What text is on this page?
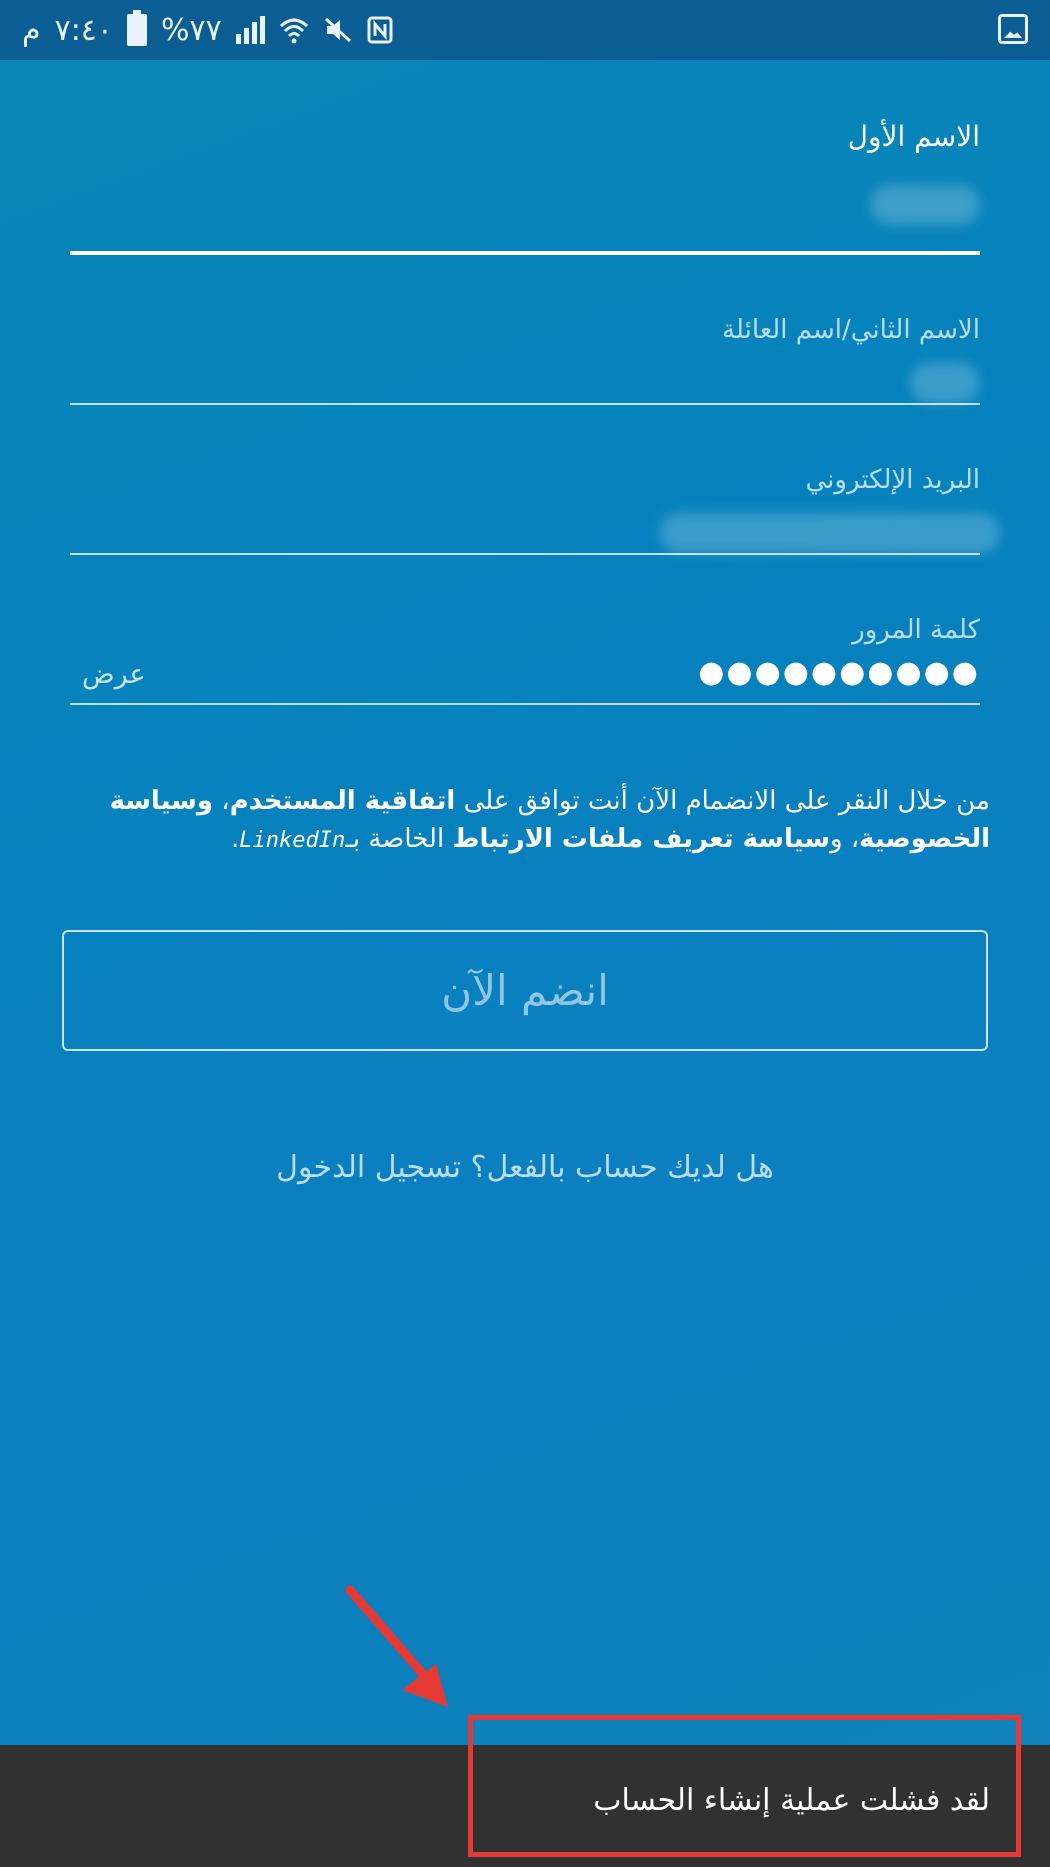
م ٧:٤٠ %٧٧
الاسم الأول
الاسم الثاني/اسم العائلة
البريد الإلكتروني
كلمة المرور
●●●●●●●●●●
عرض
من خلال النقر على الانضمام الآن أنت توافق على اتفاقية المستخدم، وسياسة الخصوصية، وسياسة تعريف ملفات الارتباط الخاصة بـLinkedIn.
انضم الآن
هل لديك حساب بالفعل؟ تسجيل الدخول
لقد فشلت عملية إنشاء الحساب
